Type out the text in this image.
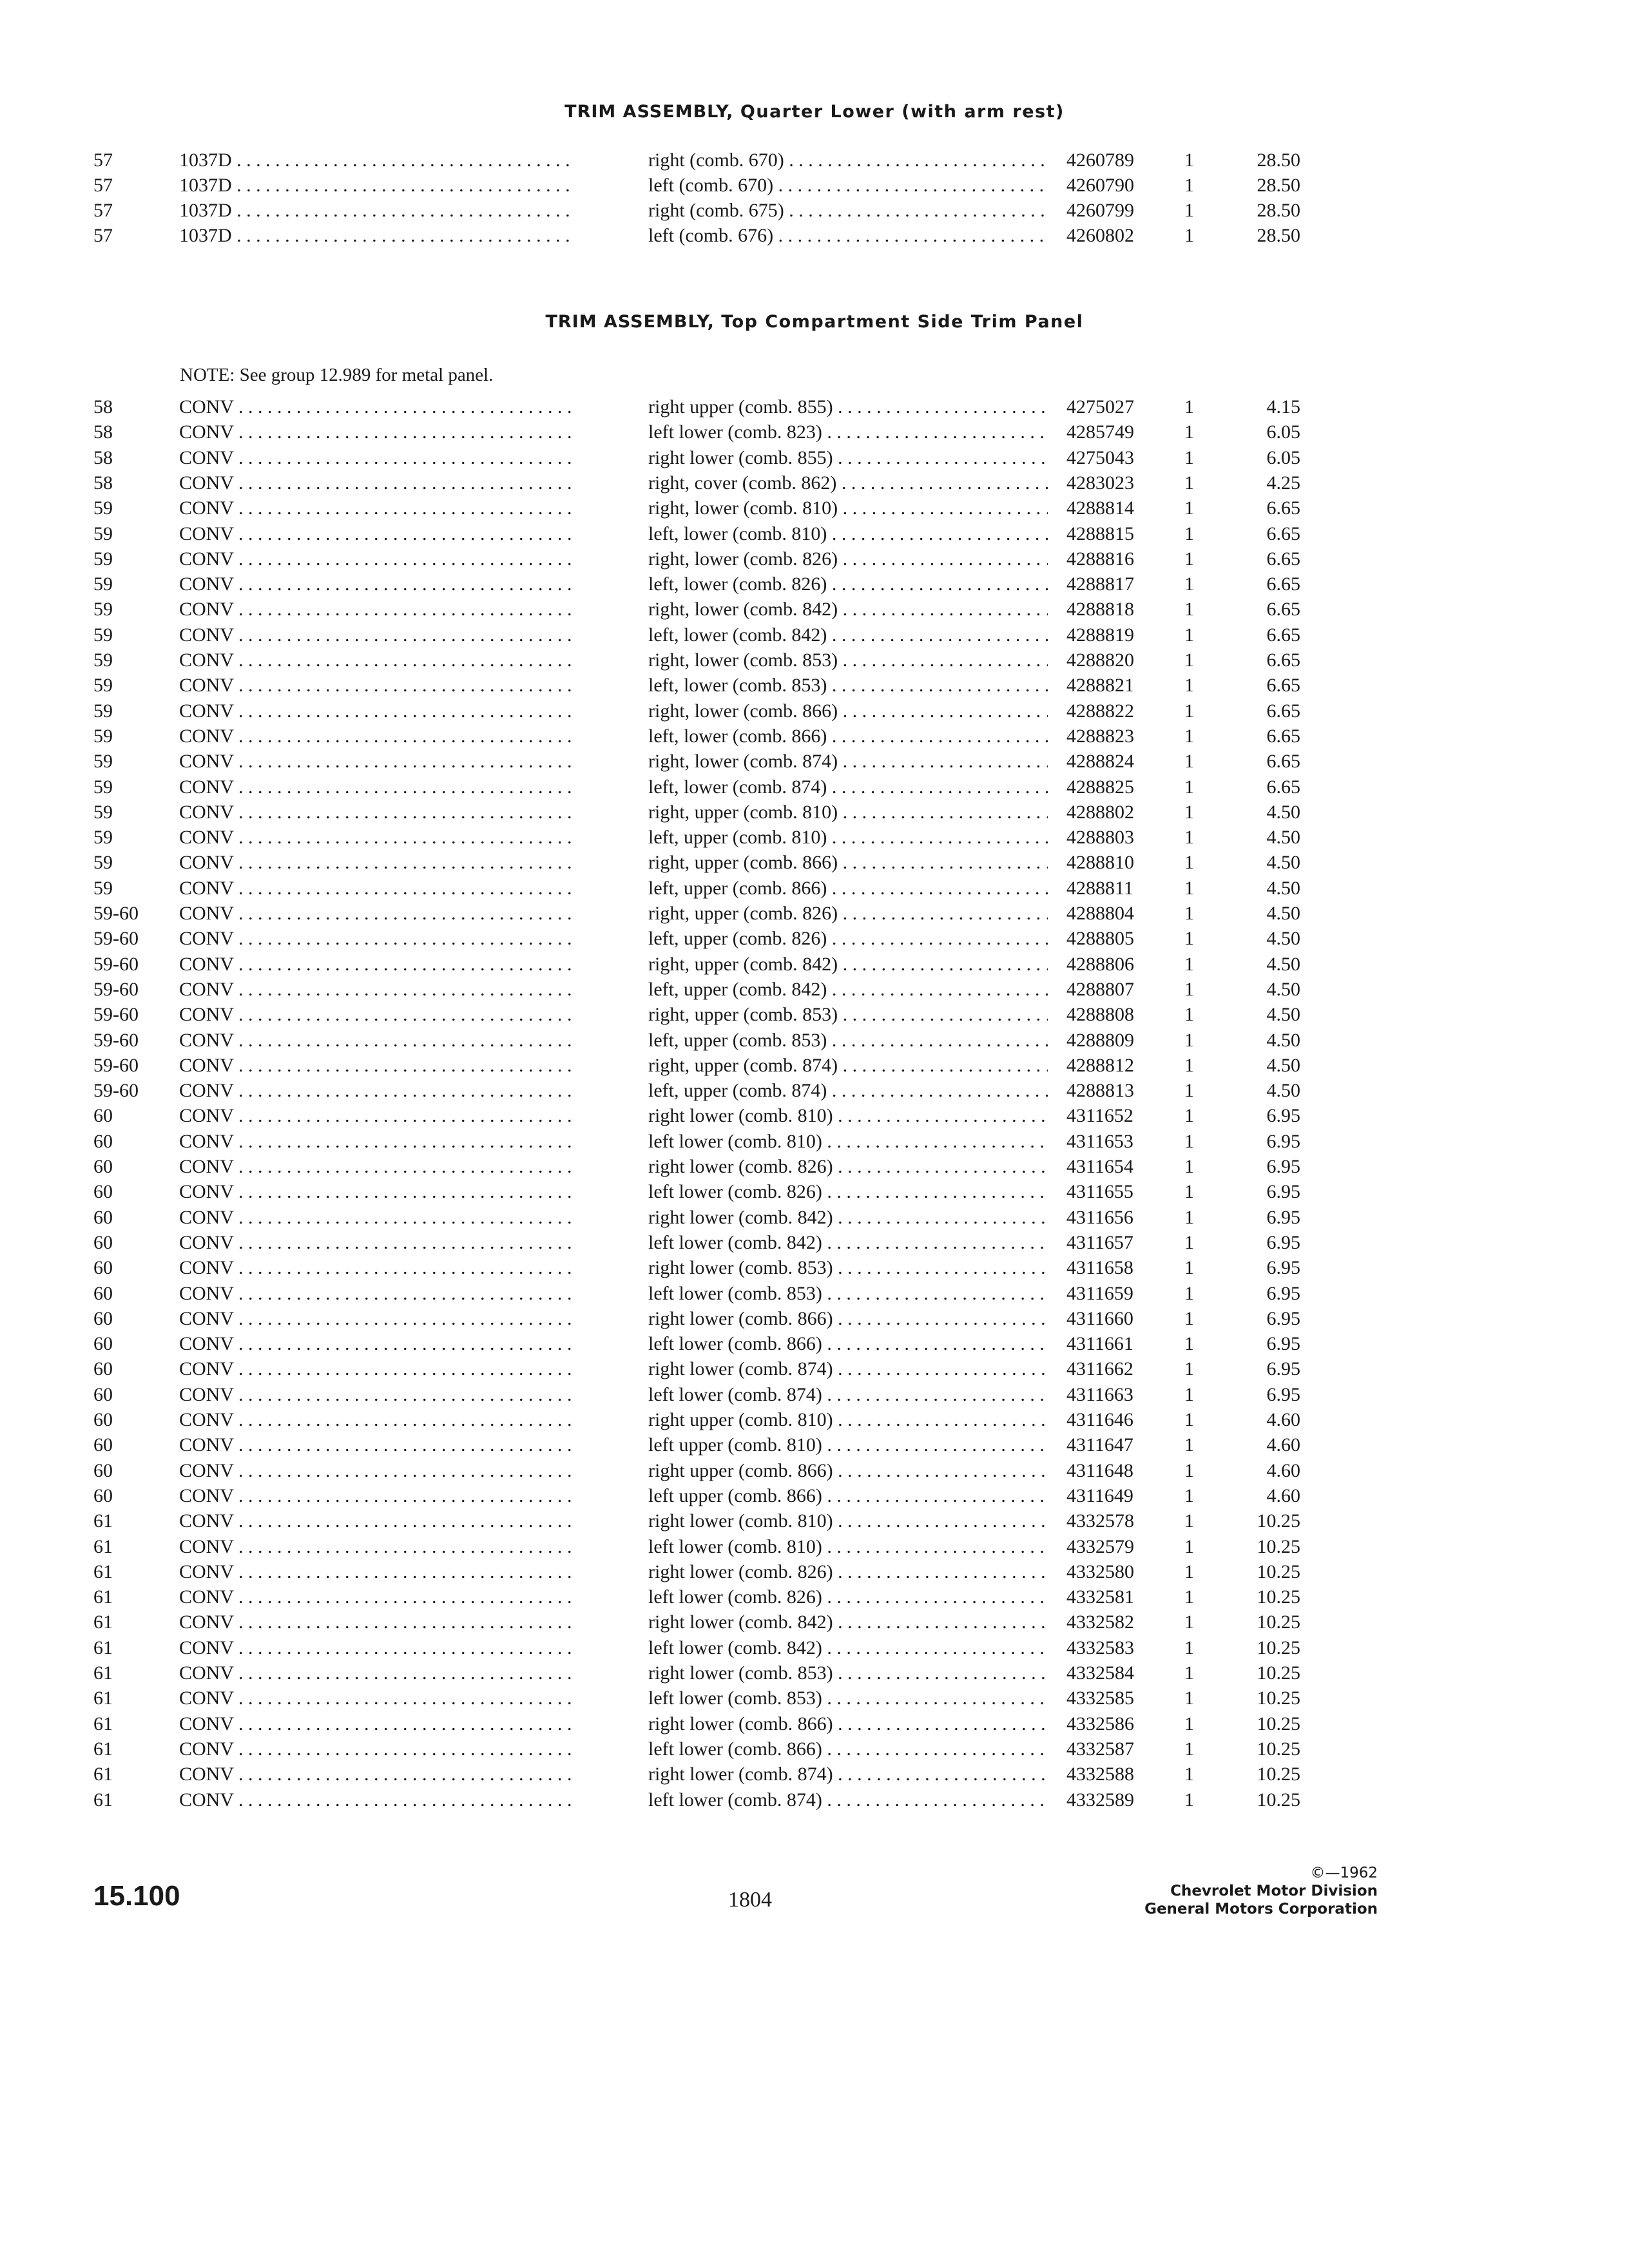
TRIM ASSEMBLY, Quarter Lower (with arm rest)
57	1037D . . .	right (comb. 670) . . .	4260789	1	28.50
57	1037D . . .	left (comb. 670) . . .	4260790	1	28.50
57	1037D . . .	right (comb. 675) . . .	4260799	1	28.50
57	1037D . . .	left (comb. 676) . . .	4260802	1	28.50
TRIM ASSEMBLY, Top Compartment Side Trim Panel
NOTE: See group 12.989 for metal panel.
58	CONV . . .	right upper (comb. 855) . . .	4275027	1	4.15
58	CONV . . .	left lower (comb. 823) . . .	4285749	1	6.05
58	CONV . . .	right lower (comb. 855) . . .	4275043	1	6.05
58	CONV . . .	right, cover (comb. 862) . . .	4283023	1	4.25
59	CONV . . .	right, lower (comb. 810) . . .	4288814	1	6.65
59	CONV . . .	left, lower (comb. 810) . . .	4288815	1	6.65
59	CONV . . .	right, lower (comb. 826) . . .	4288816	1	6.65
59	CONV . . .	left, lower (comb. 826) . . .	4288817	1	6.65
59	CONV . . .	right, lower (comb. 842) . . .	4288818	1	6.65
59	CONV . . .	left, lower (comb. 842) . . .	4288819	1	6.65
59	CONV . . .	right, lower (comb. 853) . . .	4288820	1	6.65
59	CONV . . .	left, lower (comb. 853) . . .	4288821	1	6.65
59	CONV . . .	right, lower (comb. 866) . . .	4288822	1	6.65
59	CONV . . .	left, lower (comb. 866) . . .	4288823	1	6.65
59	CONV . . .	right, lower (comb. 874) . . .	4288824	1	6.65
59	CONV . . .	left, lower (comb. 874) . . .	4288825	1	6.65
59	CONV . . .	right, upper (comb. 810) . . .	4288802	1	4.50
59	CONV . . .	left, upper (comb. 810) . . .	4288803	1	4.50
59	CONV . . .	right, upper (comb. 866) . . .	4288810	1	4.50
59	CONV . . .	left, upper (comb. 866) . . .	4288811	1	4.50
59-60 CONV . . .	right, upper (comb. 826) . . .	4288804	1	4.50
59-60 CONV . . .	left, upper (comb. 826) . . .	4288805	1	4.50
59-60 CONV . . .	right, upper (comb. 842) . . .	4288806	1	4.50
59-60 CONV . . .	left, upper (comb. 842) . . .	4288807	1	4.50
59-60 CONV . . .	right, upper (comb. 853) . . .	4288808	1	4.50
59-60 CONV . . .	left, upper (comb. 853) . . .	4288809	1	4.50
59-60 CONV . . .	right, upper (comb. 874) . . .	4288812	1	4.50
59-60 CONV . . .	left, upper (comb. 874) . . .	4288813	1	4.50
60	CONV . . .	right lower (comb. 810) . . .	4311652	1	6.95
60	CONV . . .	left lower (comb. 810) . . .	4311653	1	6.95
60	CONV . . .	right lower (comb. 826) . . .	4311654	1	6.95
60	CONV . . .	left lower (comb. 826) . . .	4311655	1	6.95
60	CONV . . .	right lower (comb. 842) . . .	4311656	1	6.95
60	CONV . . .	left lower (comb. 842) . . .	4311657	1	6.95
60	CONV . . .	right lower (comb. 853) . . .	4311658	1	6.95
60	CONV . . .	left lower (comb. 853) . . .	4311659	1	6.95
60	CONV . . .	right lower (comb. 866) . . .	4311660	1	6.95
60	CONV . . .	left lower (comb. 866) . . .	4311661	1	6.95
60	CONV . . .	right lower (comb. 874) . . .	4311662	1	6.95
60	CONV . . .	left lower (comb. 874) . . .	4311663	1	6.95
60	CONV . . .	right upper (comb. 810) . . .	4311646	1	4.60
60	CONV . . .	left upper (comb. 810) . . .	4311647	1	4.60
60	CONV . . .	right upper (comb. 866) . . .	4311648	1	4.60
60	CONV . . .	left upper (comb. 866) . . .	4311649	1	4.60
61	CONV . . .	right lower (comb. 810) . . .	4332578	1	10.25
61	CONV . . .	left lower (comb. 810) . . .	4332579	1	10.25
61	CONV . . .	right lower (comb. 826) . . .	4332580	1	10.25
61	CONV . . .	left lower (comb. 826) . . .	4332581	1	10.25
61	CONV . . .	right lower (comb. 842) . . .	4332582	1	10.25
61	CONV . . .	left lower (comb. 842) . . .	4332583	1	10.25
61	CONV . . .	right lower (comb. 853) . . .	4332584	1	10.25
61	CONV . . .	left lower (comb. 853) . . .	4332585	1	10.25
61	CONV . . .	right lower (comb. 866) . . .	4332586	1	10.25
61	CONV . . .	left lower (comb. 866) . . .	4332587	1	10.25
61	CONV . . .	right lower (comb. 874) . . .	4332588	1	10.25
61	CONV . . .	left lower (comb. 874) . . .	4332589	1	10.25
15.100	1804
©—1962
Chevrolet Motor Division
General Motors Corporation
